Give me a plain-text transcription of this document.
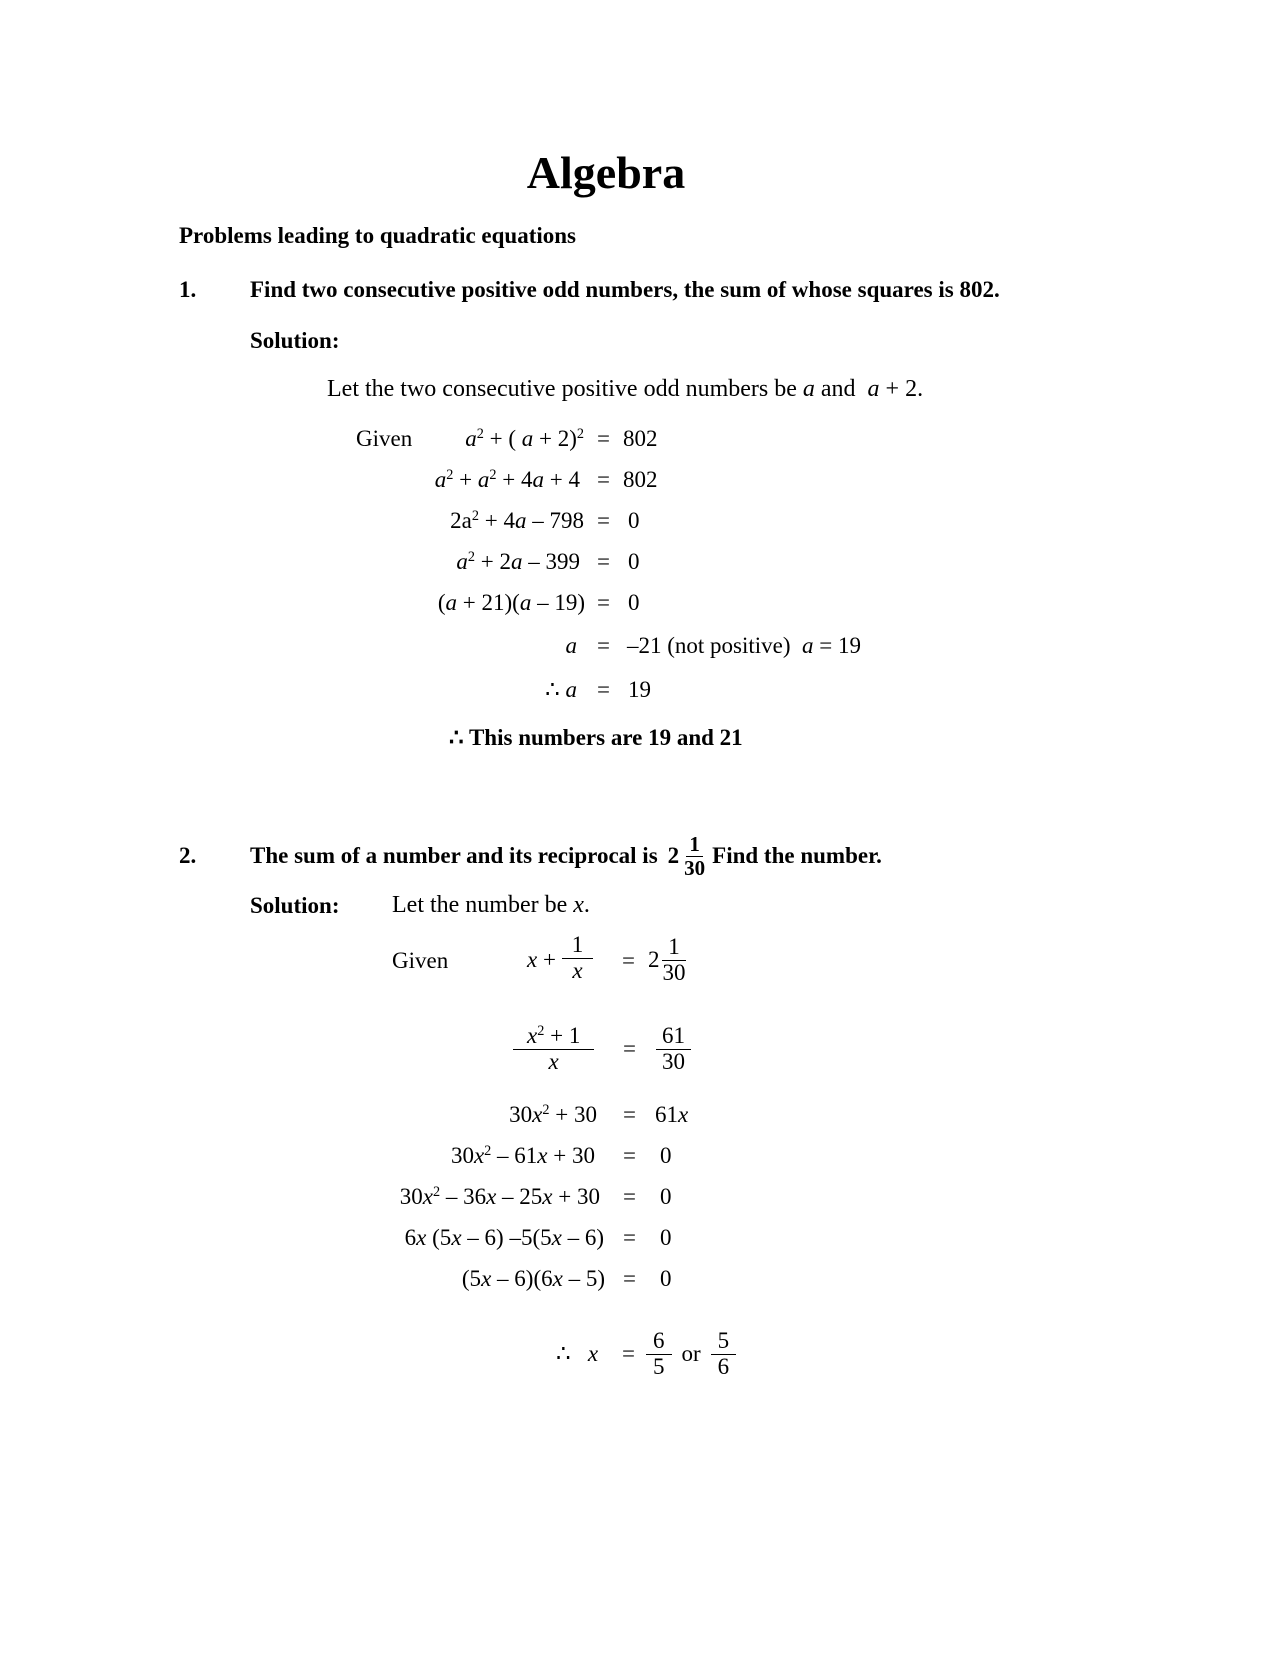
Algebra
Problems leading to quadratic equations
1. Find two consecutive positive odd numbers, the sum of whose squares is 802.
Solution:
Let the two consecutive positive odd numbers be a and a + 2.
Given	$a^2$ + ( a + 2)$^2$ = 802
$a^2 + a^2 + 4a + 4 = 802$
$2a^2 + 4a - 798 = 0$
$a^2 + 2a - 399 = 0$
(a + 21)(a – 19) = 0
a = –21 (not positive)  a = 19
∴ a = 19
∴ This numbers are 19 and 21
2. The sum of a number and its reciprocal is $2 \frac{1}{30}$ Find the number.
Solution: Let the number be x.
Given	$x + \frac{1}{x} = 2 \frac{1}{30}$
$\frac{x^2 + 1}{x} = \frac{61}{30}$
$30x^2 + 30 = 61x$
$30x^2 - 61x + 30 = 0$
$30x^2 - 36x - 25x + 30 = 0$
6x (5x – 6) –5(5x – 6) = 0
(5x – 6)(6x – 5) = 0
∴   $x = \frac{6}{5}$ or $\frac{5}{6}$
